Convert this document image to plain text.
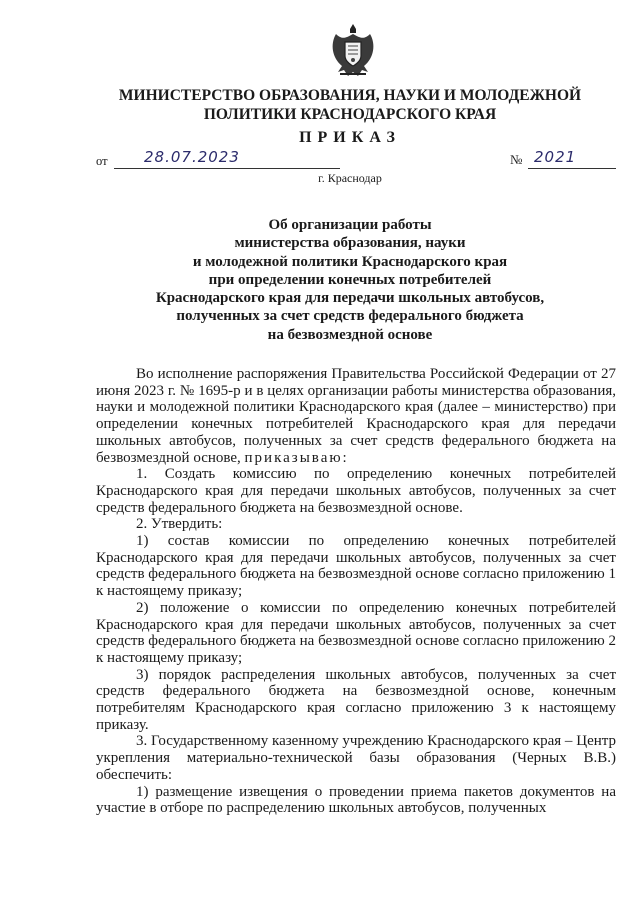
МИНИСТЕРСТВО ОБРАЗОВАНИЯ, НАУКИ И МОЛОДЕЖНОЙ
ПОЛИТИКИ КРАСНОДАРСКОГО КРАЯ

ПРИКАЗ

от 28.07.2023	№ 2021
г. Краснодар

Об организации работы
министерства образования, науки
и молодежной политики Краснодарского края
при определении конечных потребителей
Краснодарского края для передачи школьных автобусов,
полученных за счет средств федерального бюджета
на безвозмездной основе

Во исполнение распоряжения Правительства Российской Федерации от 27 июня 2023 г. № 1695-р и в целях организации работы министерства образования, науки и молодежной политики Краснодарского края (далее – министерство) при определении конечных потребителей Краснодарского края для передачи школьных автобусов, полученных за счет средств федерального бюджета на безвозмездной основе, приказываю:

1. Создать комиссию по определению конечных потребителей Краснодарского края для передачи школьных автобусов, полученных за счет средств федерального бюджета на безвозмездной основе.

2. Утвердить:

1) состав комиссии по определению конечных потребителей Краснодарского края для передачи школьных автобусов, полученных за счет средств федерального бюджета на безвозмездной основе согласно приложению 1 к настоящему приказу;

2) положение о комиссии по определению конечных потребителей Краснодарского края для передачи школьных автобусов, полученных за счет средств федерального бюджета на безвозмездной основе согласно приложению 2 к настоящему приказу;

3) порядок распределения школьных автобусов, полученных за счет средств федерального бюджета на безвозмездной основе, конечным потребителям Краснодарского края согласно приложению 3 к настоящему приказу.

3. Государственному казенному учреждению Краснодарского края – Центр укрепления материально-технической базы образования (Черных В.В.) обеспечить:

1) размещение извещения о проведении приема пакетов документов на участие в отборе по распределению школьных автобусов, полученных
